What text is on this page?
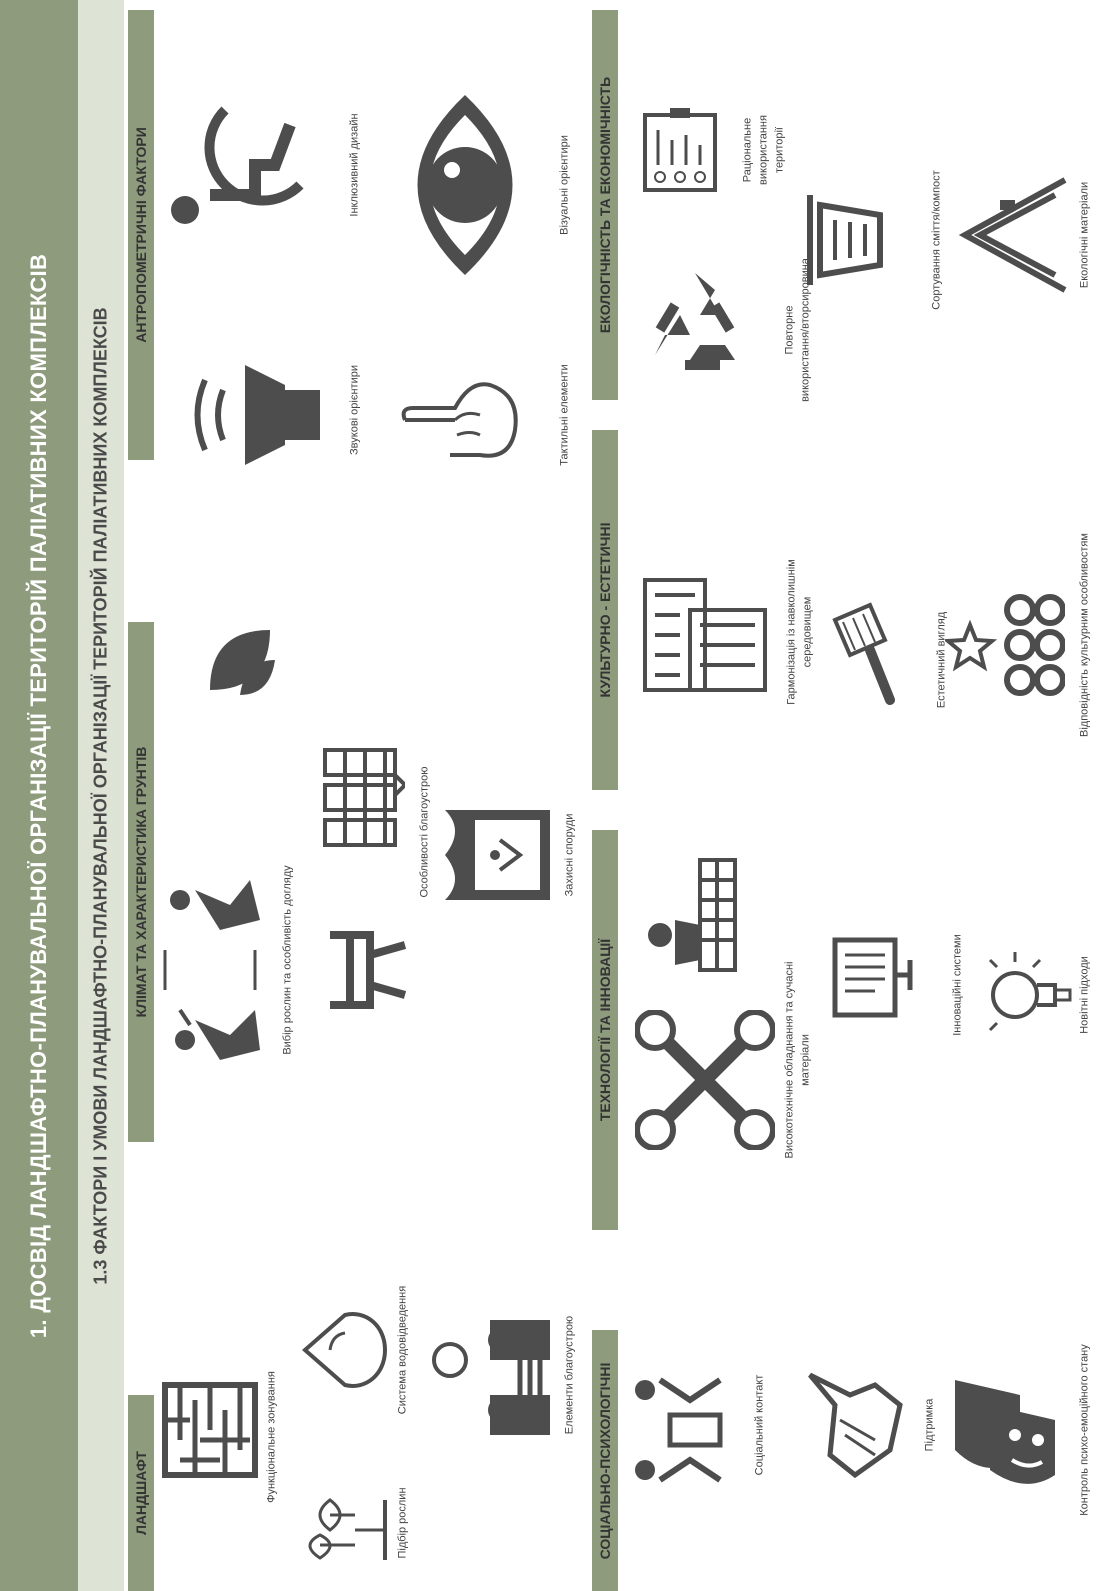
1. ДОСВІД ЛАНДШАФТНО-ПЛАНУВАЛЬНОЇ ОРГАНІЗАЦІЇ ТЕРИТОРІЙ ПАЛІАТИВНИХ КОМПЛЕКСІВ 1.3 ФАКТОРИ І УМОВИ ЛАНДШАФТНО-ПЛАНУВАЛЬНОЇ ОРГАНІЗАЦІЇ ТЕРИТОРІЙ ПАЛІАТИВНИХ КОМПЛЕКСІВ
ЛАНДШАФТ
КЛІМАТ ТА ХАРАКТЕРИСТИКА ГРУНТІВ
АНТРОПОМЕТРИЧНІ ФАКТОРИ
СОЦІАЛЬНО-ПСИХОЛОГІЧНІ
ТЕХНОЛОГІЇ ТА ІННОВАЦІЇ
КУЛЬТУРНО - ЕСТЕТИЧНІ
ЕКОЛОГІЧНІСТЬ ТА ЕКОНОМІЧНІСТЬ
Функціональне зонування
Підбір рослин
Система водовідведення	Елементи благоустрою
Вибір рослин та особливість догляду
Особливості благоустрою	Захисні споруди
Звукові орієнтири
Інклюзивний дизайн
Тактильні елементи
Візуальні орієнтири
Соціальний контакт	Підтримка	Контроль психо-емоційного стану
Високотехнічне обладнання та сучасні матеріали
Інноваційні системи	Новітні підходи
Гармонізація із навколишнім середовищем	Естетичний вигляд	Відповідність культурним особливостям
Повторне використання/вторсировина
Раціональне використання території
Сортування сміття/компост	Екологічні матеріали
